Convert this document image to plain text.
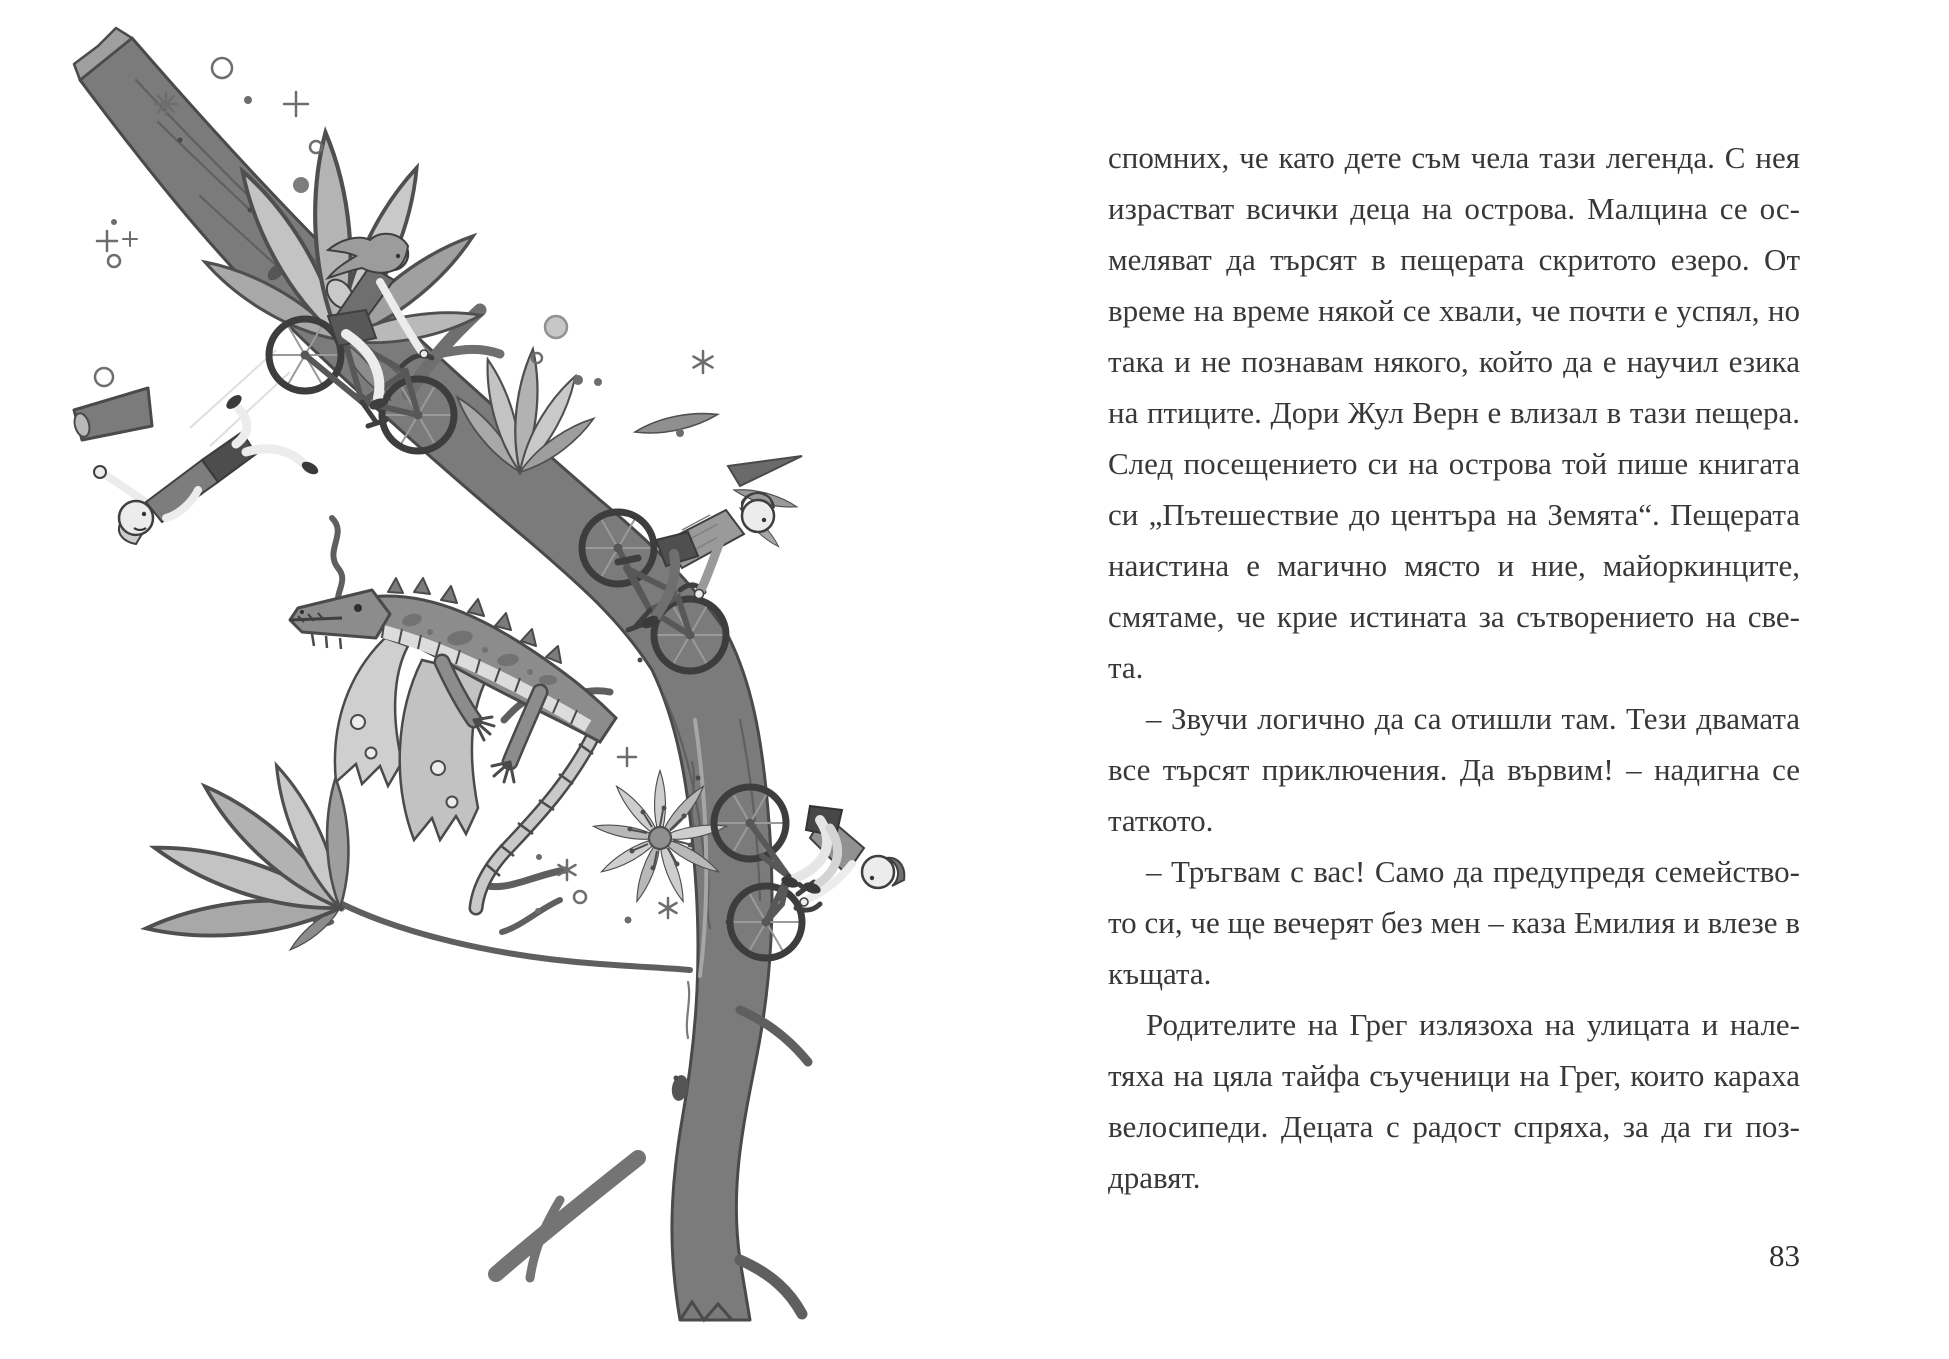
спомних, че като дете съм чела тази легенда. С нея
израстват всички деца на острова. Малцина се ос-
меляват да търсят в пещерата скритото езеро. От
време на време някой се хвали, че почти е успял, но
така и не познавам някого, който да е научил езика
на птиците. Дори Жул Верн е влизал в тази пещера.
След посещението си на острова той пише книгата
си „Пътешествие до центъра на Земята“. Пещерата
наистина е магично място и ние, майоркинците,
смятаме, че крие истината за сътворението на све-
та.
– Звучи логично да са отишли там. Тези двамата
все търсят приключения. Да вървим! – надигна се
таткото.
– Тръгвам с вас! Само да предупредя семейство-
то си, че ще вечерят без мен – каза Емилия и влезе в
къщата.
Родителите на Грег излязоха на улицата и нале-
тяха на цяла тайфа съученици на Грег, които караха
велосипеди. Децата с радост спряха, за да ги поз-
дравят.
83
